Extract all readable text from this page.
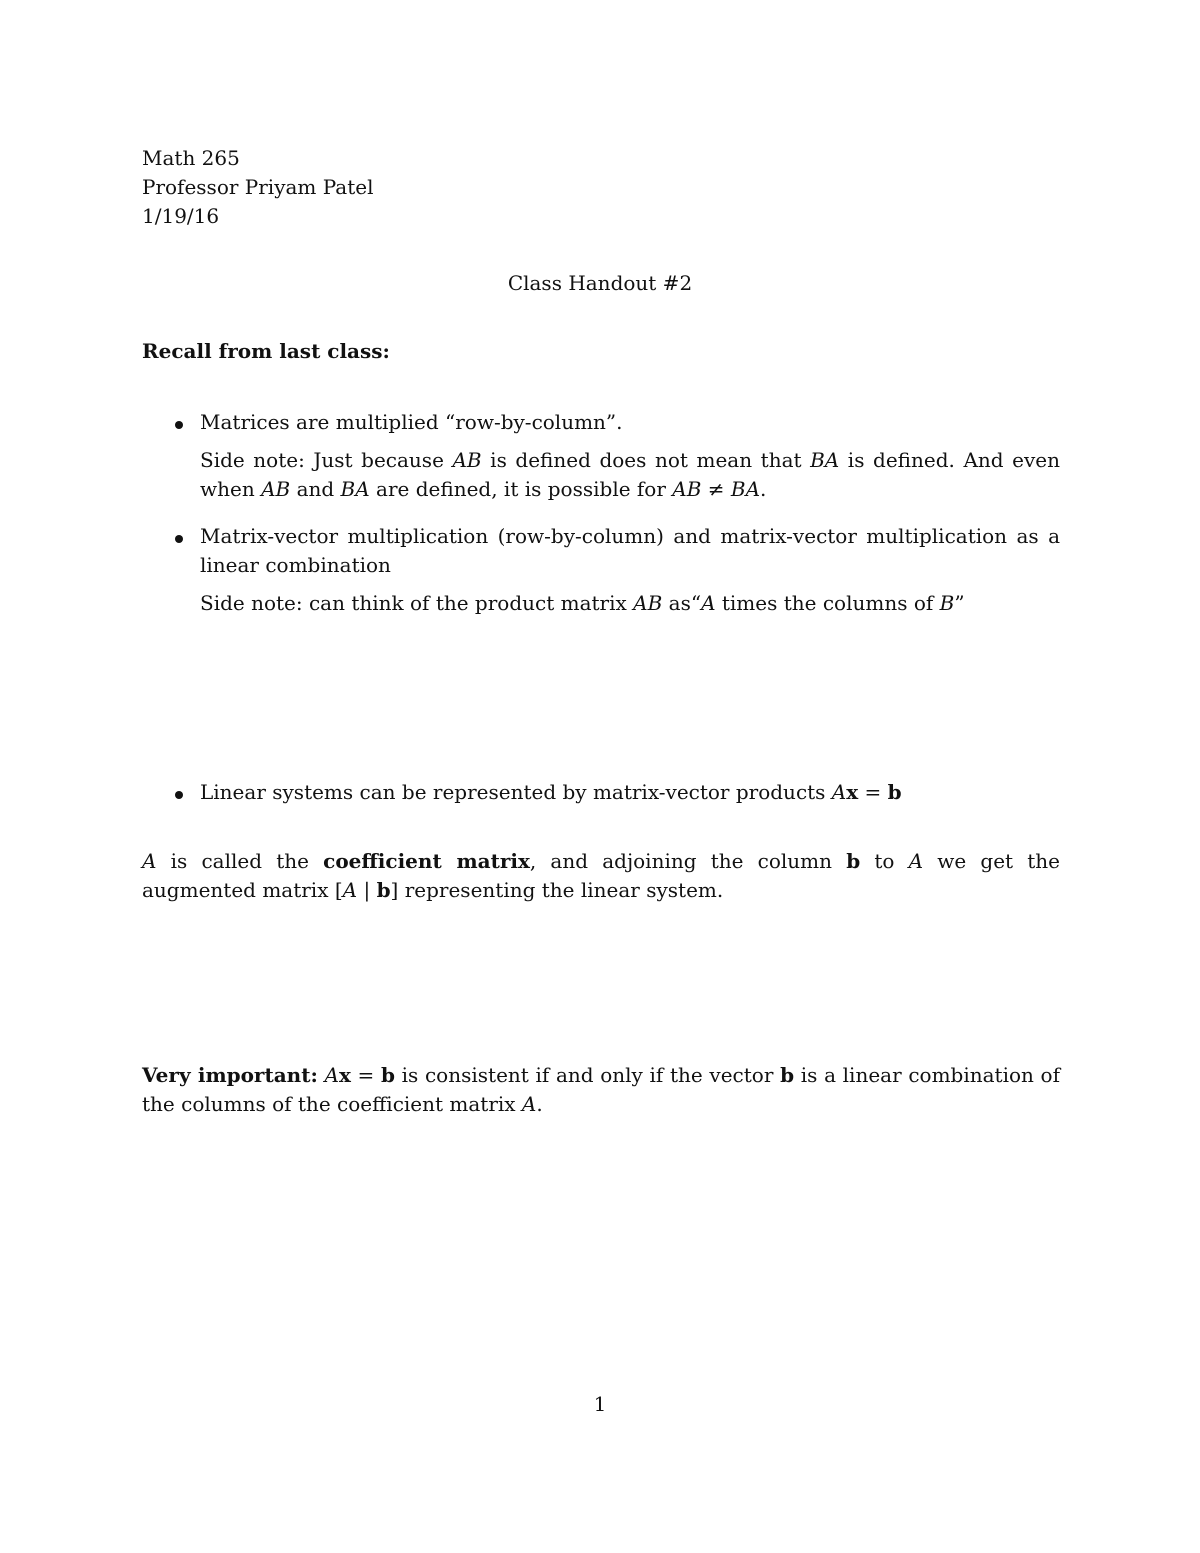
Math 265
Professor Priyam Patel
1/19/16
Class Handout #2
Recall from last class:
Matrices are multiplied “row-by-column”.
Side note: Just because AB is defined does not mean that BA is defined. And even when AB and BA are defined, it is possible for AB ≠ BA.
Matrix-vector multiplication (row-by-column) and matrix-vector multiplication as a linear combination
Side note: can think of the product matrix AB as“A times the columns of B”
Linear systems can be represented by matrix-vector products Ax = b
A is called the coefficient matrix, and adjoining the column b to A we get the augmented matrix [A | b] representing the linear system.
Very important: Ax = b is consistent if and only if the vector b is a linear combination of the columns of the coefficient matrix A.
1
